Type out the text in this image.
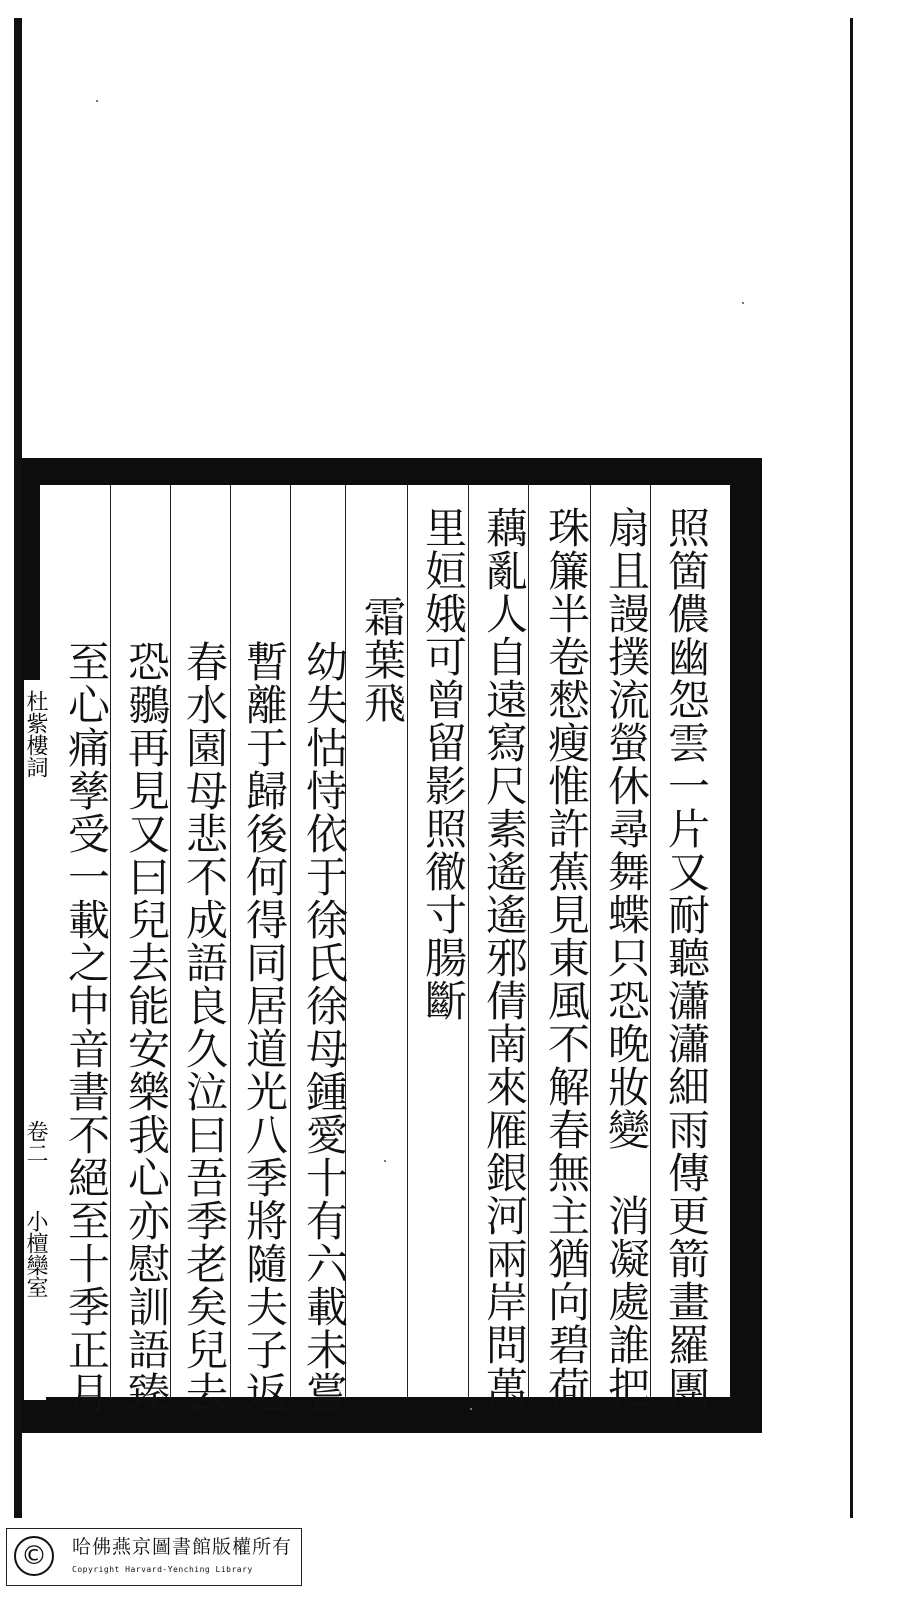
照箇儂幽怨雲一片又耐聽瀟瀟細雨傳更箭畫羅團
扇且謾撲流螢休尋舞蝶只恐晚妝變　消凝處誰把
珠簾半卷憖瘦惟許蕉見東風不解春無主猶向碧荷
藕亂人自遠寫尺素遙遙邪倩南來雁銀河兩岸問萬
里姮娥可曾留影照徹寸腸斷
霜葉飛
幼失怙恃依于徐氏徐母鍾愛十有六載未嘗
暫離于歸後何得同居道光八季將隨夫子返
春水園母悲不成語良久泣曰吾季老矣兒去
恐鶸再見又曰兒去能安樂我心亦慰訓語臻
至心痛孳受一載之中音書不絕至十季正月
杜紫樓詞
卷二
小檀欒室
©	哈佛燕京圖書館版權所有
Copyright Harvard-Yenching Library
